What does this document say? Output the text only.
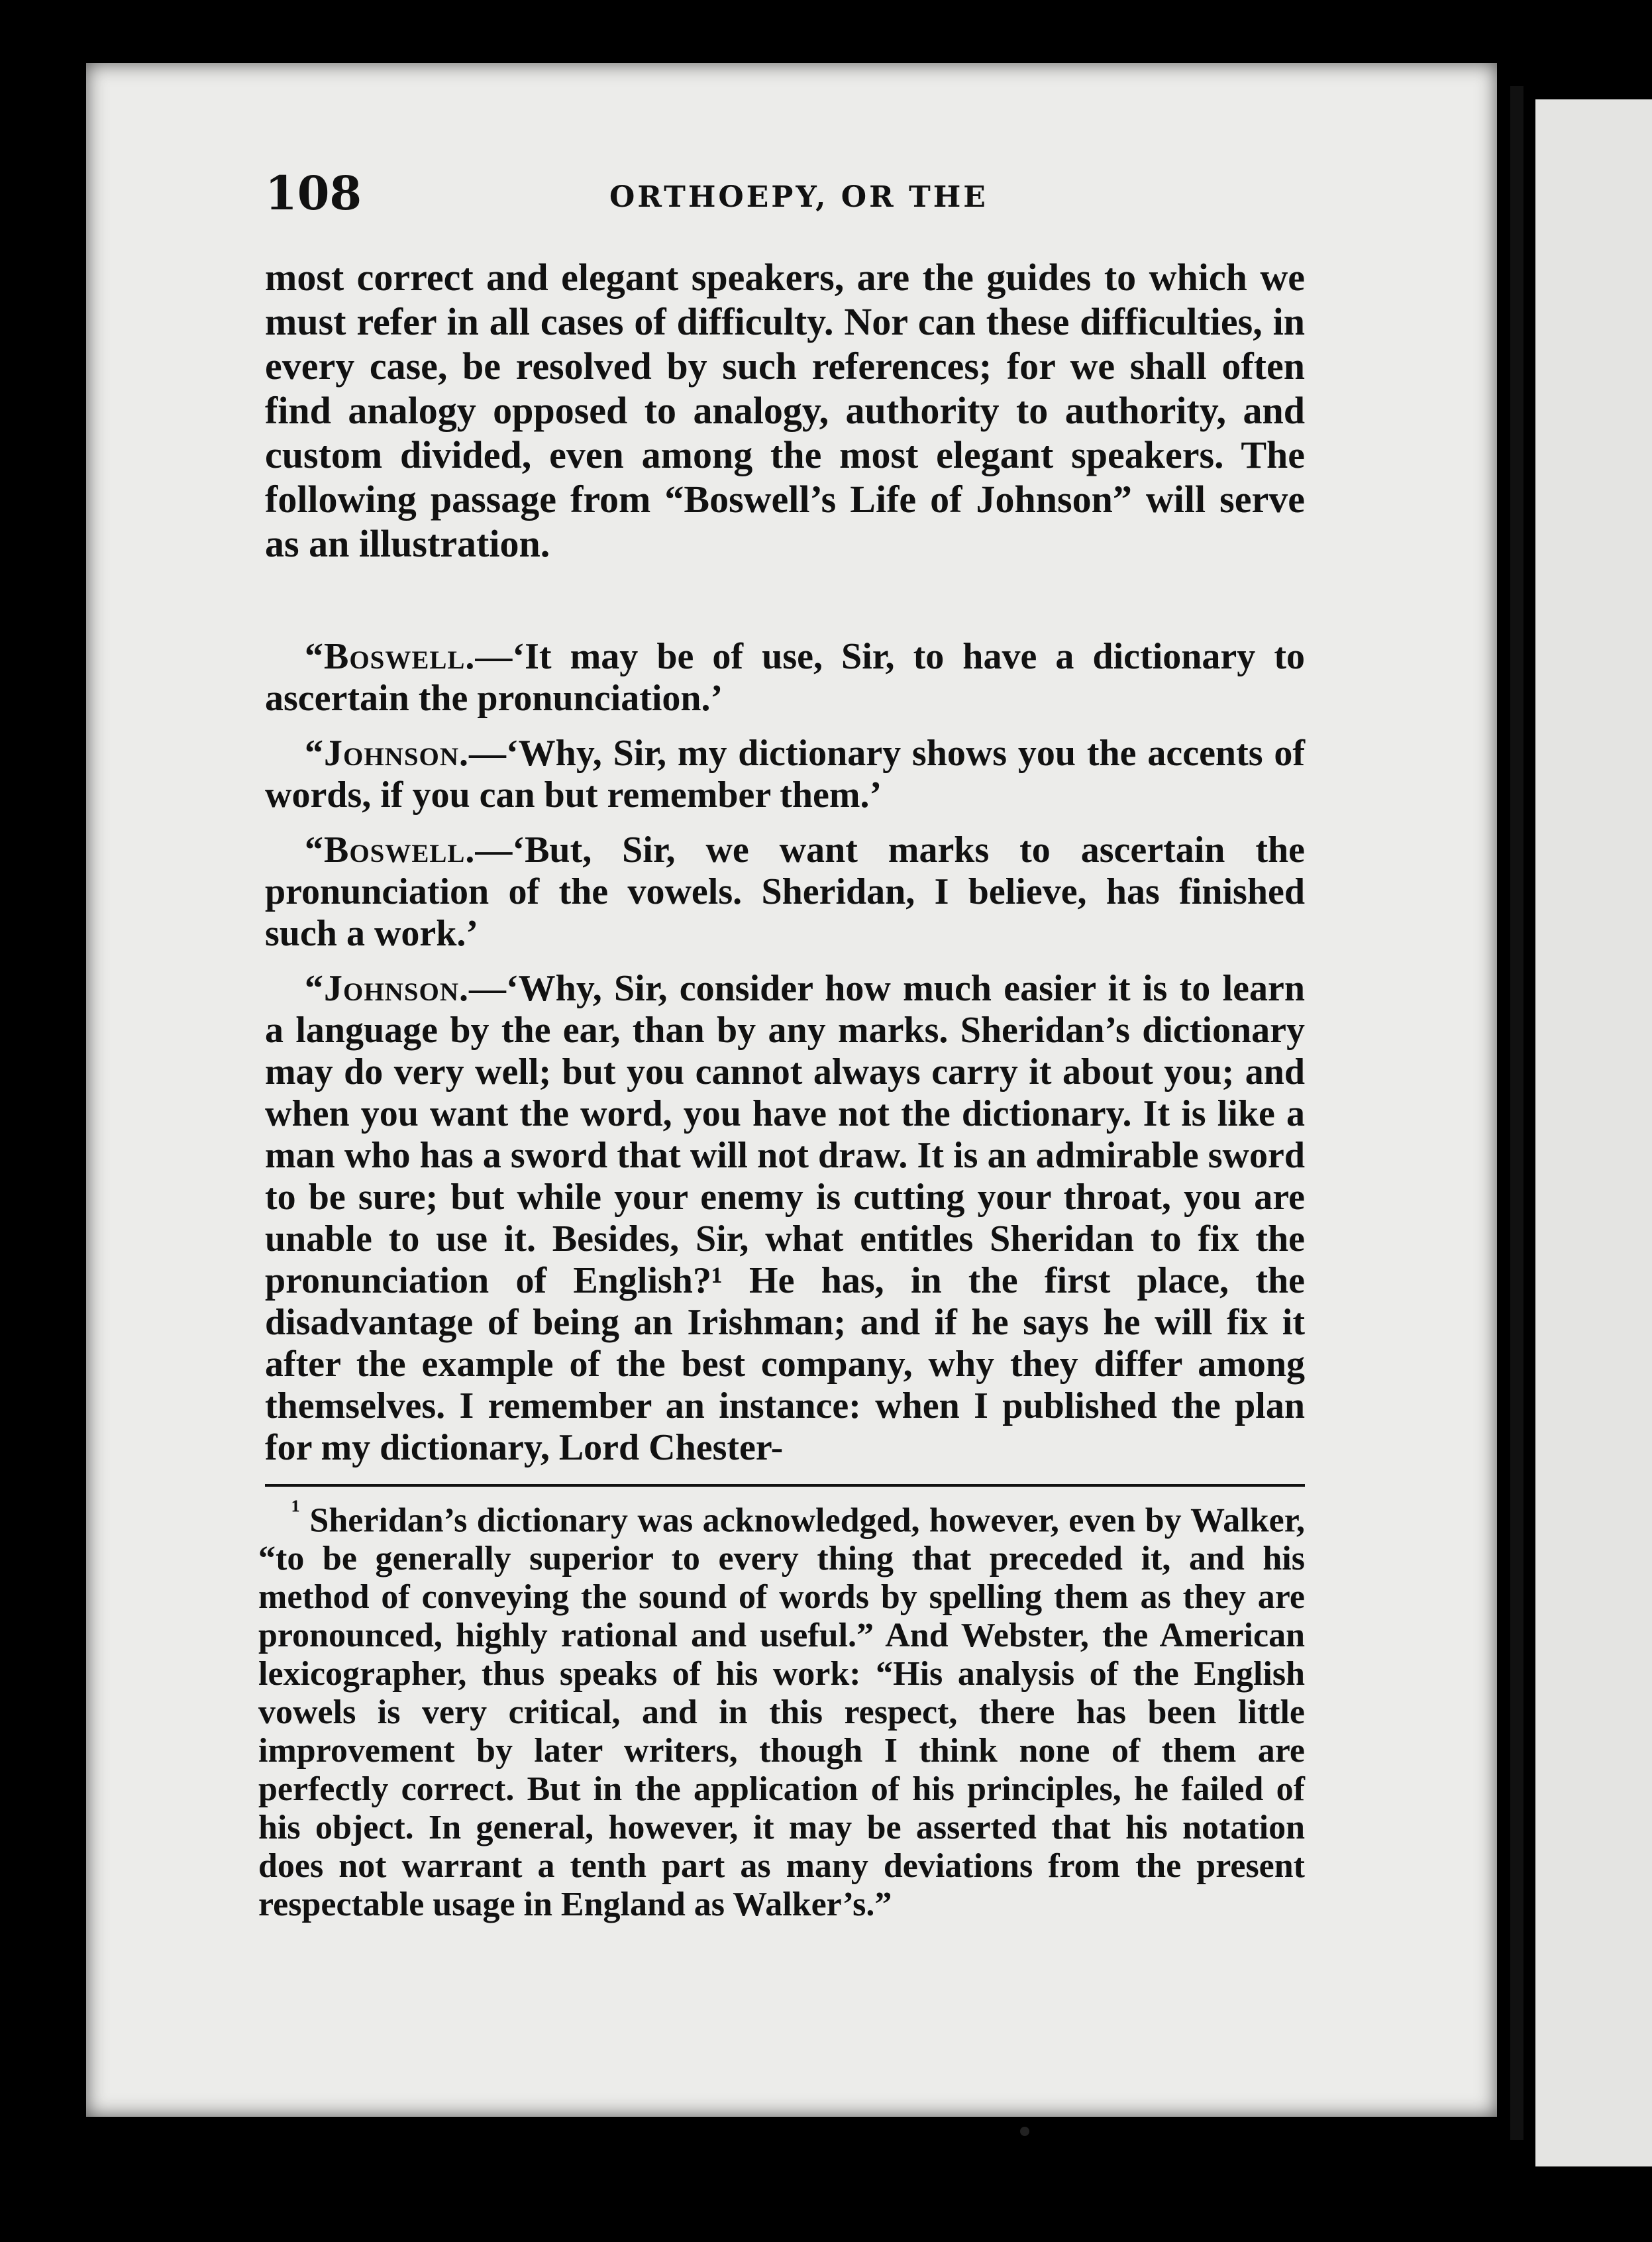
108	ORTHOEPY, OR THE

most correct and elegant speakers, are the guides to which we must refer in all cases of difficulty. Nor can these difficulties, in every case, be resolved by such references; for we shall often find analogy opposed to analogy, authority to authority, and custom divided, even among the most elegant speakers. The following passage from “Boswell’s Life of Johnson” will serve as an illustration.

“Boswell.—‘It may be of use, Sir, to have a dictionary to ascertain the pronunciation.’

“Johnson.—‘Why, Sir, my dictionary shows you the accents of words, if you can but remember them.’

“Boswell.—‘But, Sir, we want marks to ascertain the pronunciation of the vowels. Sheridan, I believe, has finished such a work.’

“Johnson.—‘Why, Sir, consider how much easier it is to learn a language by the ear, than by any marks. Sheridan’s dictionary may do very well; but you cannot always carry it about you; and when you want the word, you have not the dictionary. It is like a man who has a sword that will not draw. It is an admirable sword to be sure; but while your enemy is cutting your throat, you are unable to use it. Besides, Sir, what entitles Sheridan to fix the pronunciation of English?¹ He has, in the first place, the disadvantage of being an Irishman; and if he says he will fix it after the example of the best company, why they differ among themselves. I remember an instance: when I published the plan for my dictionary, Lord Chester-

$^{^1}$ Sheridan’s dictionary was acknowledged, however, even by Walker, “to be generally superior to every thing that preceded it, and his method of conveying the sound of words by spelling them as they are pronounced, highly rational and useful.” And Webster, the American lexicographer, thus speaks of his work: “His analysis of the English vowels is very critical, and in this respect, there has been little improvement by later writers, though I think none of them are perfectly correct. But in the application of his principles, he failed of his object. In general, however, it may be asserted that his notation does not warrant a tenth part as many deviations from the present respectable usage in England as Walker’s.”
